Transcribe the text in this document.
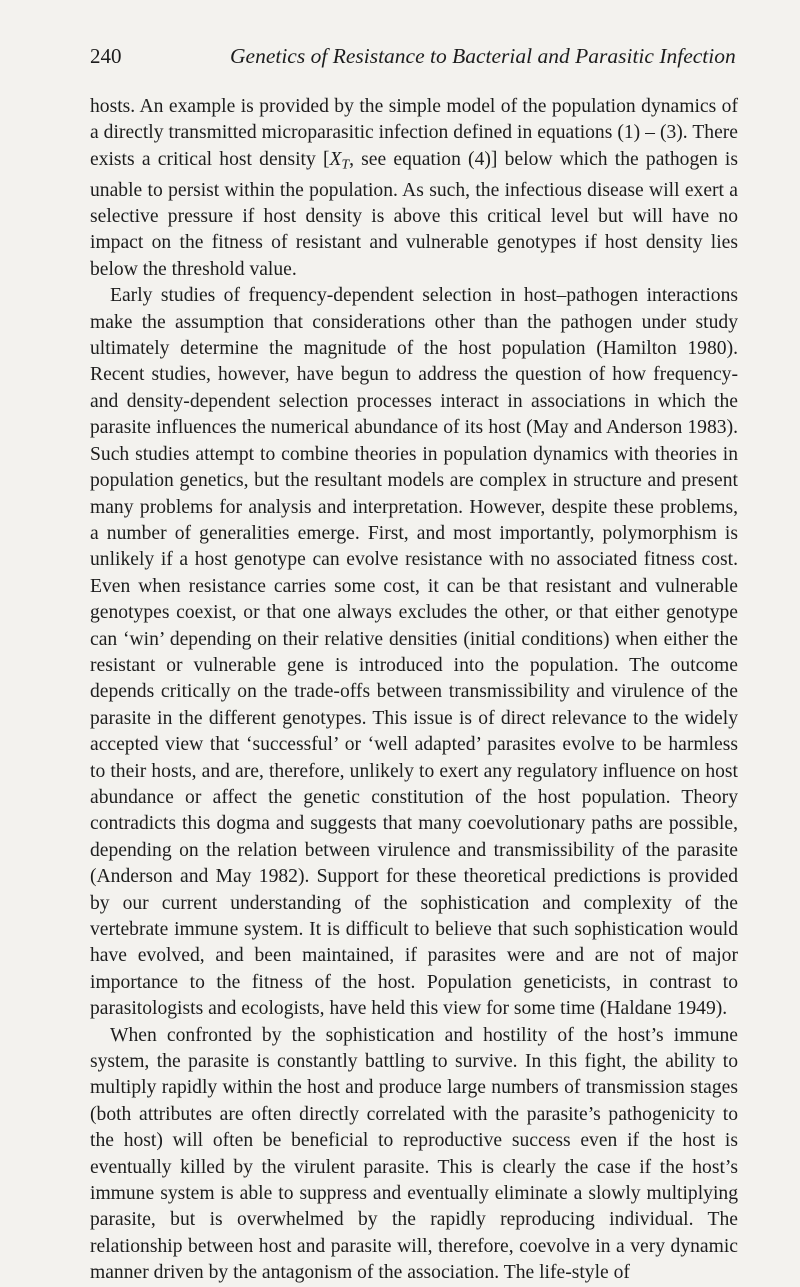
240	Genetics of Resistance to Bacterial and Parasitic Infection

hosts. An example is provided by the simple model of the population dynamics of a directly transmitted microparasitic infection defined in equations (1) – (3). There exists a critical host density [$X_T$, see equation (4)] below which the pathogen is unable to persist within the population. As such, the infectious disease will exert a selective pressure if host density is above this critical level but will have no impact on the fitness of resistant and vulnerable genotypes if host density lies below the threshold value.

Early studies of frequency-dependent selection in host–pathogen interactions make the assumption that considerations other than the pathogen under study ultimately determine the magnitude of the host population (Hamilton 1980). Recent studies, however, have begun to address the question of how frequency- and density-dependent selection processes interact in associations in which the parasite influences the numerical abundance of its host (May and Anderson 1983). Such studies attempt to combine theories in population dynamics with theories in population genetics, but the resultant models are complex in structure and present many problems for analysis and interpretation. However, despite these problems, a number of generalities emerge. First, and most importantly, polymorphism is unlikely if a host genotype can evolve resistance with no associated fitness cost. Even when resistance carries some cost, it can be that resistant and vulnerable genotypes coexist, or that one always excludes the other, or that either genotype can ‘win’ depending on their relative densities (initial conditions) when either the resistant or vulnerable gene is introduced into the population. The outcome depends critically on the trade-offs between transmissibility and virulence of the parasite in the different genotypes. This issue is of direct relevance to the widely accepted view that ‘successful’ or ‘well adapted’ parasites evolve to be harmless to their hosts, and are, therefore, unlikely to exert any regulatory influence on host abundance or affect the genetic constitution of the host population. Theory contradicts this dogma and suggests that many coevolutionary paths are possible, depending on the relation between virulence and transmissibility of the parasite (Anderson and May 1982). Support for these theoretical predictions is provided by our current understanding of the sophistication and complexity of the vertebrate immune system. It is difficult to believe that such sophistication would have evolved, and been maintained, if parasites were and are not of major importance to the fitness of the host. Population geneticists, in contrast to parasitologists and ecologists, have held this view for some time (Haldane 1949).

When confronted by the sophistication and hostility of the host’s immune system, the parasite is constantly battling to survive. In this fight, the ability to multiply rapidly within the host and produce large numbers of transmission stages (both attributes are often directly correlated with the parasite’s pathogenicity to the host) will often be beneficial to reproductive success even if the host is eventually killed by the virulent parasite. This is clearly the case if the host’s immune system is able to suppress and eventually eliminate a slowly multiplying parasite, but is overwhelmed by the rapidly reproducing individual. The relationship between host and parasite will, therefore, coevolve in a very dynamic manner driven by the antagonism of the association. The life-style of
